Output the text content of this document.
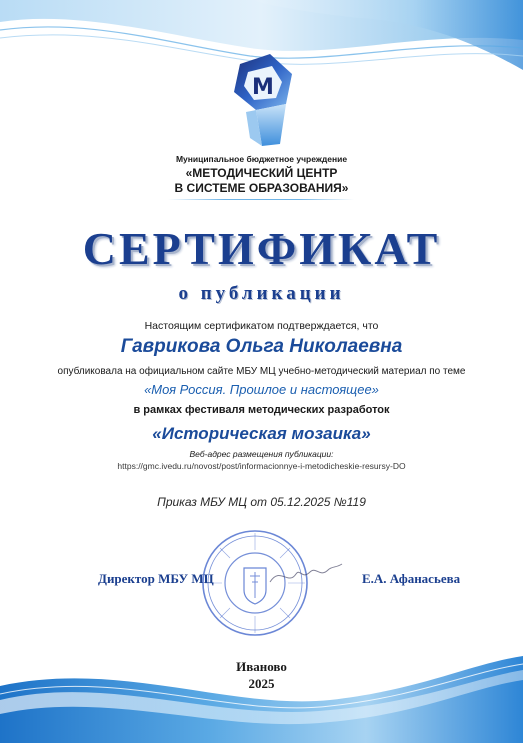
M
Муниципальное бюджетное учреждение
«МЕТОДИЧЕСКИЙ ЦЕНТР
В СИСТЕМЕ ОБРАЗОВАНИЯ»
СЕРТИФИКАТ
о публикации
Настоящим сертификатом подтверждается, что
Гаврикова Ольга Николаевна
опубликовала на официальном сайте МБУ МЦ учебно-методический материал по теме
«Моя Россия. Прошлое и настоящее»
в рамках фестиваля методических разработок
«Историческая мозаика»
Веб-адрес размещения публикации:
https://gmc.ivedu.ru/novost/post/informacionnye-i-metodicheskie-resursy-DO
Приказ МБУ МЦ от 05.12.2025 №119
Директор МБУ МЦ	Е.А. Афанасьева
Иваново
2025
